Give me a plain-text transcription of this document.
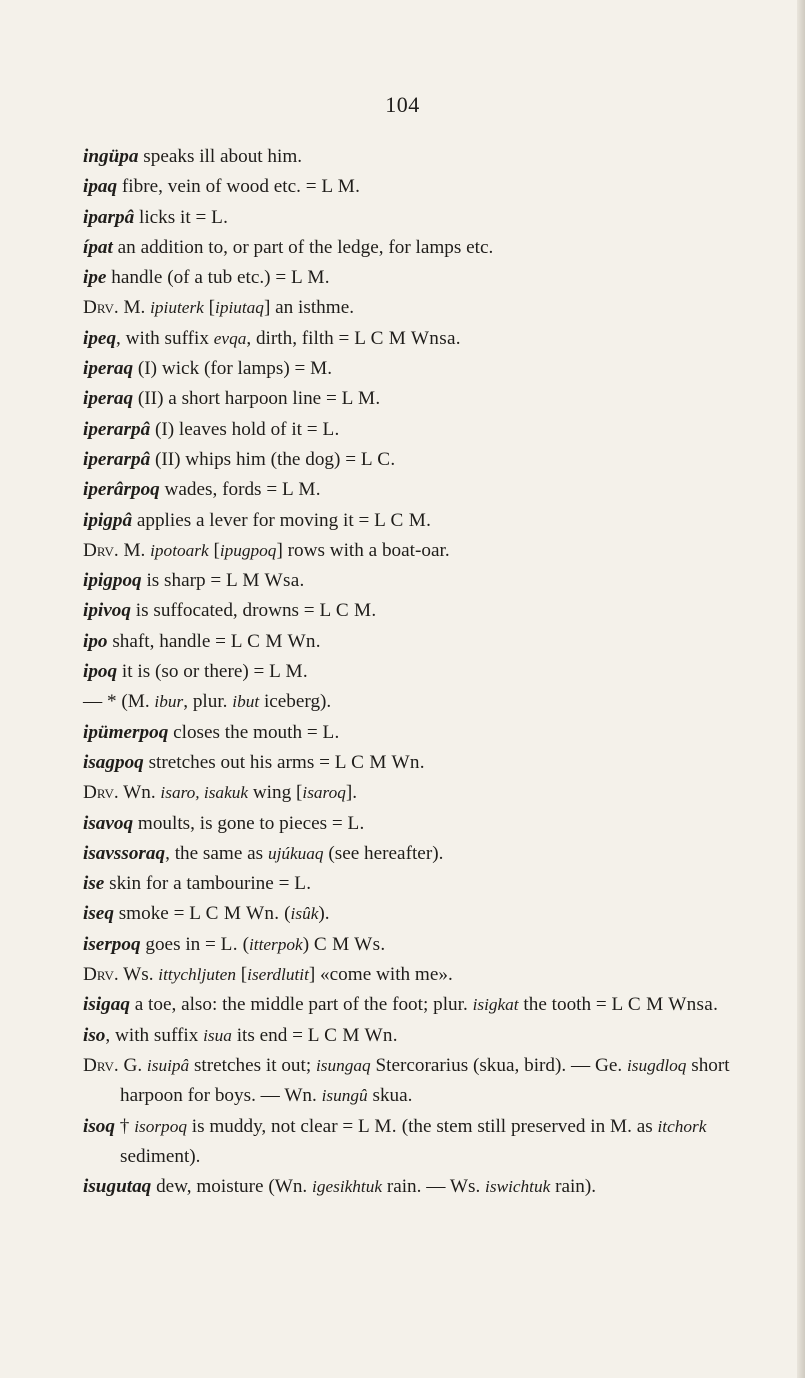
104

ingüpa speaks ill about him.

ipaq fibre, vein of wood etc. = L M.

iparpâ licks it = L.

ípat an addition to, or part of the ledge, for lamps etc.

ipe handle (of a tub etc.) = L M.

Drv. M. ipiuterk [ipiutaq] an isthme.

ipeq, with suffix evqa, dirth, filth = L C M Wnsa.

iperaq (I) wick (for lamps) = M.

iperaq (II) a short harpoon line = L M.

iperarpâ (I) leaves hold of it = L.

iperarpâ (II) whips him (the dog) = L C.

iperârpoq wades, fords = L M.

ipigpâ applies a lever for moving it = L C M.

Drv. M. ipotoark [ipugpoq] rows with a boat-oar.

ipigpoq is sharp = L M Wsa.

ipivoq is suffocated, drowns = L C M.

ipo shaft, handle = L C M Wn.

ipoq it is (so or there) = L M.

— * (M. ibur, plur. ibut iceberg).

ipümerpoq closes the mouth = L.

isagpoq stretches out his arms = L C M Wn.

Drv. Wn. isaro, isakuk wing [isaroq].

isavoq moults, is gone to pieces = L.

isavssoraq, the same as ujúkuaq (see hereafter).

ise skin for a tambourine = L.

iseq smoke = L C M Wn. (isûk).

iserpoq goes in = L. (itterpok) C M Ws.

Drv. Ws. ittychljuten [iserdlutit] «come with me».

isigaq a toe, also: the middle part of the foot; plur. isigkat the tooth = L C M Wnsa.

iso, with suffix isua its end = L C M Wn.

Drv. G. isuipâ stretches it out; isungaq Stercorarius (skua, bird). — Ge. isugdloq short harpoon for boys. — Wn. isungû skua.

isoq † isorpoq is muddy, not clear = L M. (the stem still preserved in M. as itchork sediment).

isugutaq dew, moisture (Wn. igesikhtuk rain. — Ws. iswichtuk rain).
